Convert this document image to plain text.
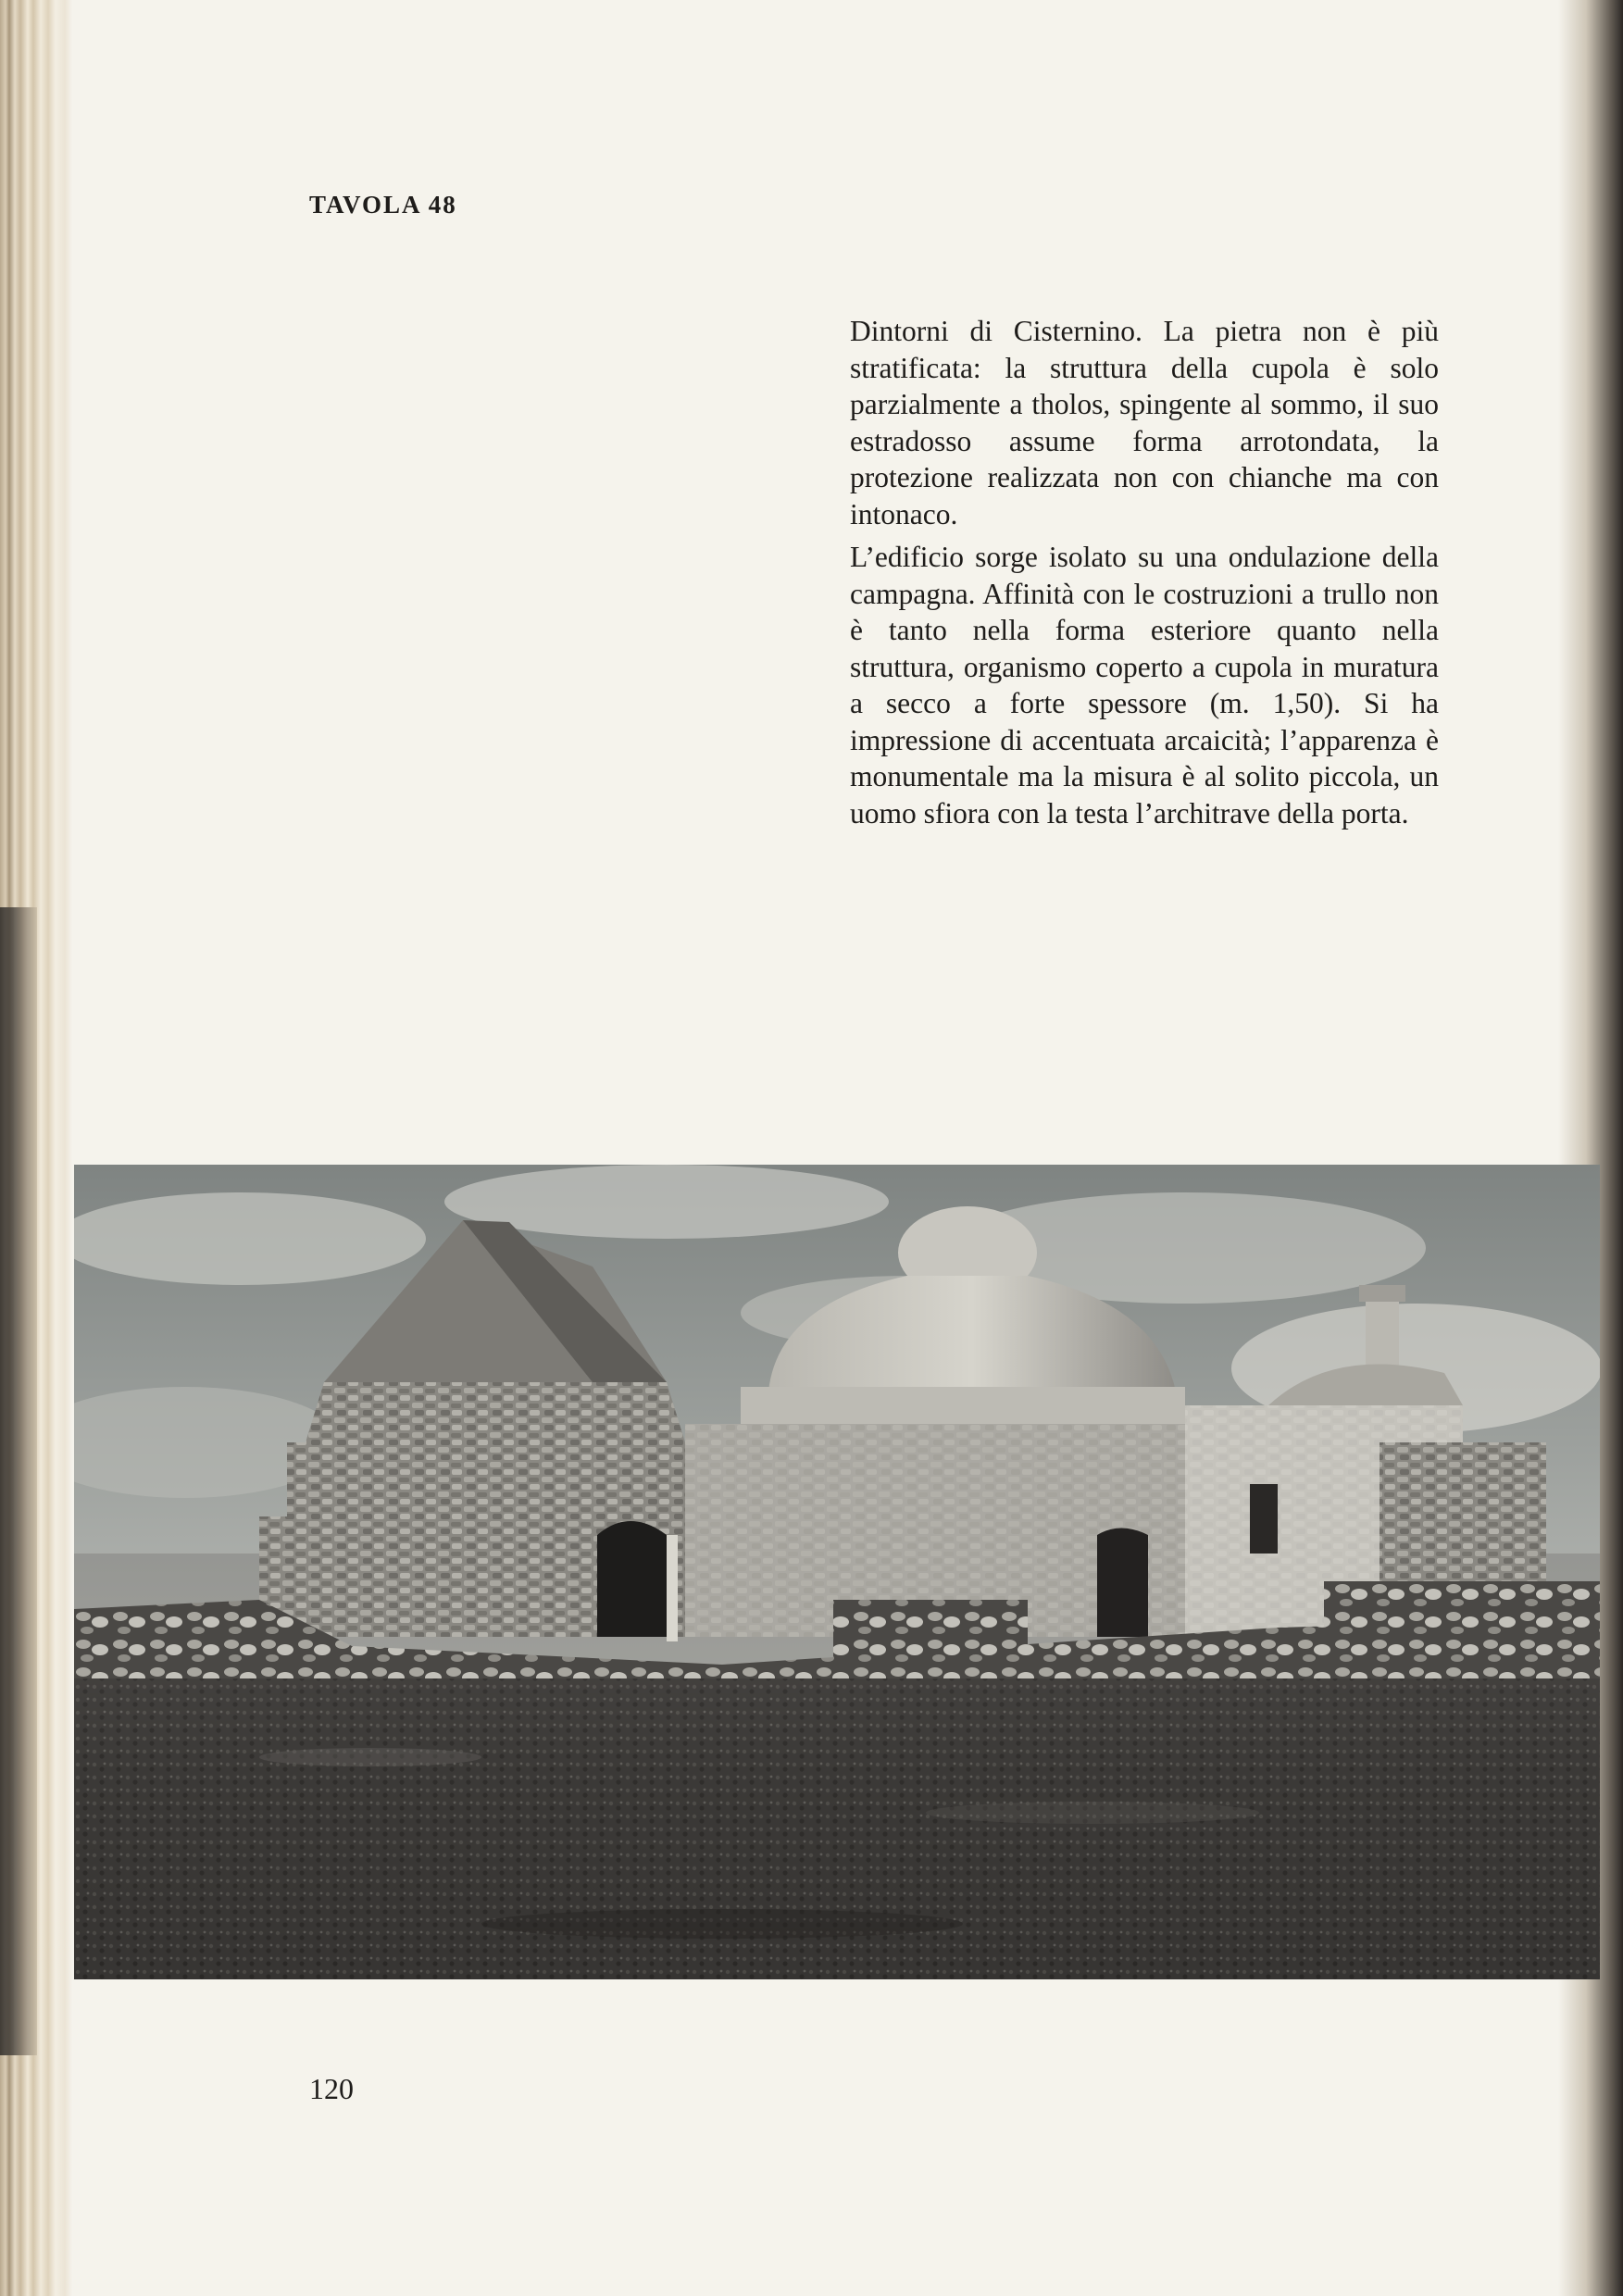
TAVOLA 48

Dintorni di Cisternino. La pietra non è più stratificata: la struttura della cupola è solo parzialmente a tholos, spingente al sommo, il suo estradosso assume forma arrotondata, la protezione realizzata non con chianche ma con intonaco.

L’edificio sorge isolato su una ondulazione della campagna. Affinità con le costruzioni a trullo non è tanto nella forma esteriore quanto nella struttura, organismo coperto a cupola in muratura a secco a forte spessore (m. 1,50). Si ha impressione di accentuata arcaicità; l’apparenza è monumentale ma la misura è al solito piccola, un uomo sfiora con la testa l’architrave della porta.

120
